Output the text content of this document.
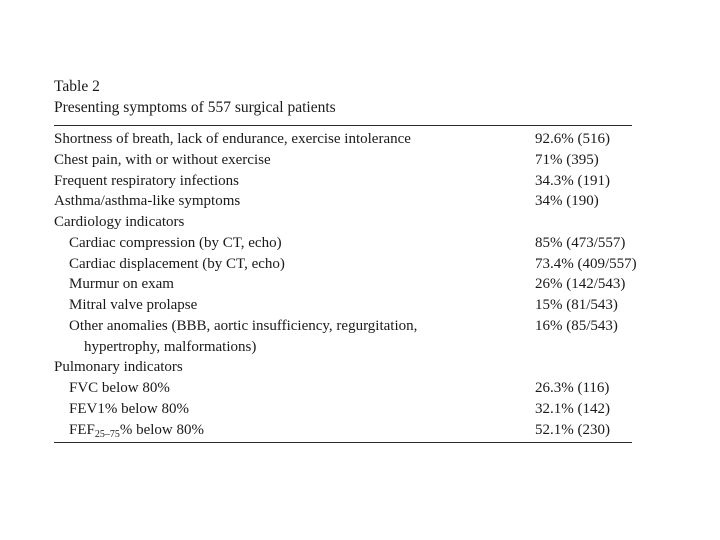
Table 2
Presenting symptoms of 557 surgical patients
Shortness of breath, lack of endurance, exercise intolerance	92.6% (516)
Chest pain, with or without exercise	71% (395)
Frequent respiratory infections	34.3% (191)
Asthma/asthma-like symptoms	34% (190)
Cardiology indicators
Cardiac compression (by CT, echo)	85% (473/557)
Cardiac displacement (by CT, echo)	73.4% (409/557)
Murmur on exam	26% (142/543)
Mitral valve prolapse	15% (81/543)
Other anomalies (BBB, aortic insufficiency, regurgitation,	16% (85/543)
hypertrophy, malformations)
Pulmonary indicators
FVC below 80%	26.3% (116)
FEV1% below 80%	32.1% (142)
$FEF_{25-75}\%$ below 80%	52.1% (230)
